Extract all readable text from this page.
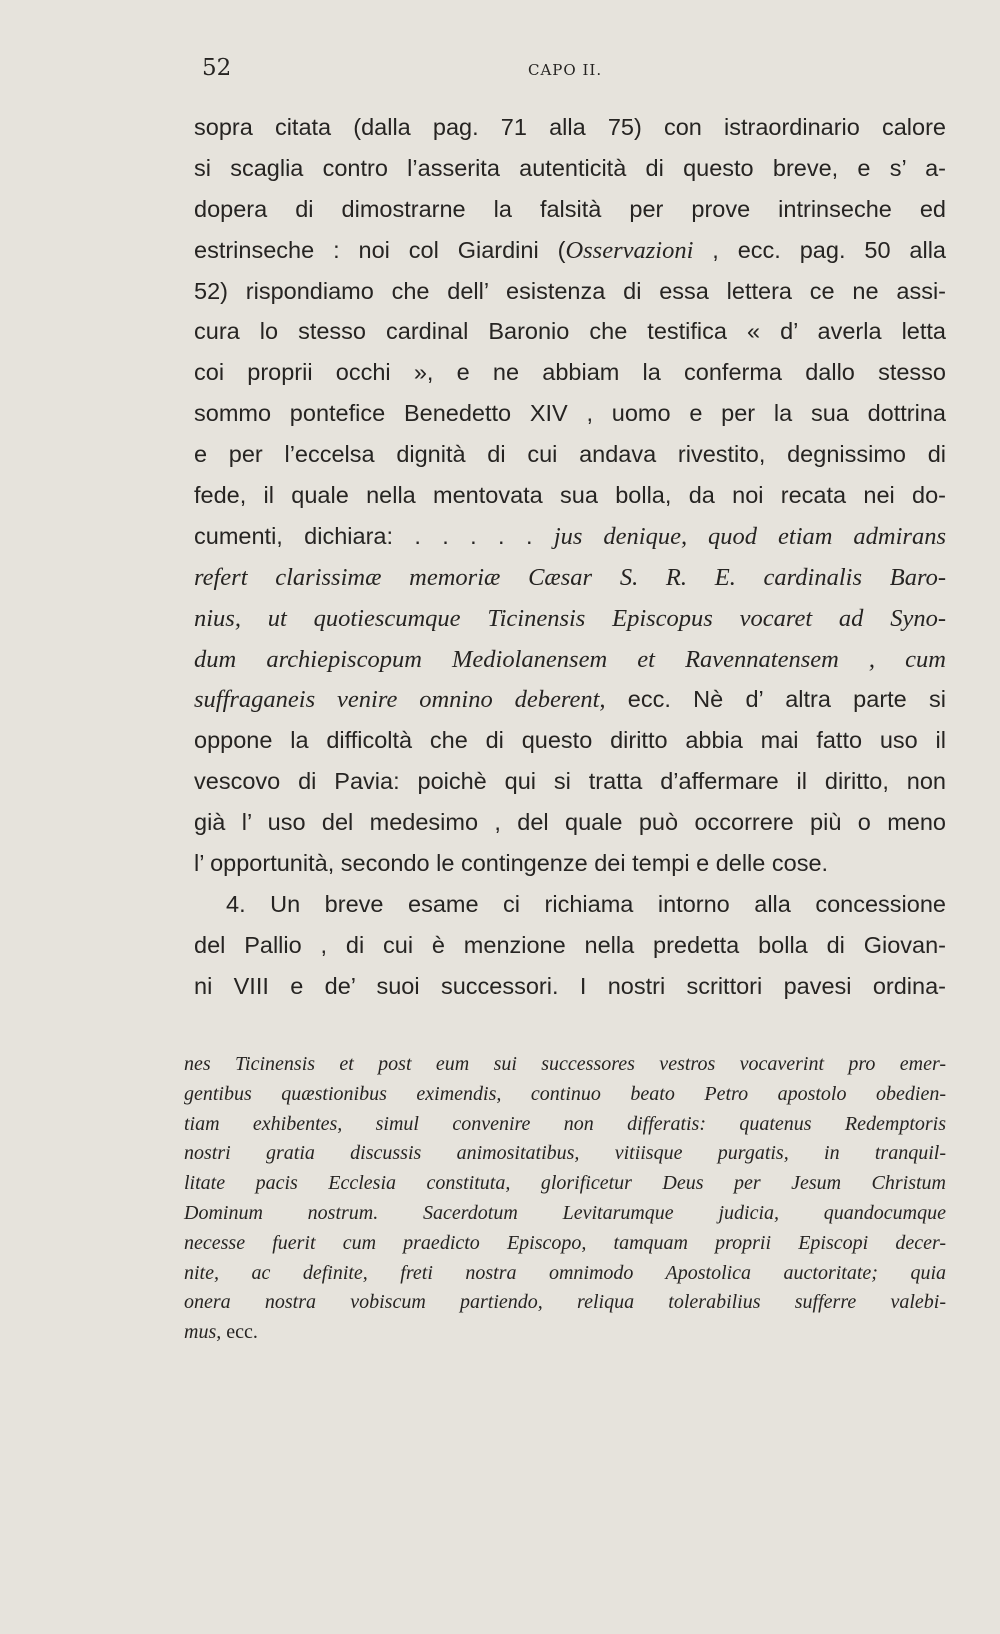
52	CAPO II.
sopra citata (dalla pag. 71 alla 75) con istraordinario calore
si scaglia contro l’asserita autenticità di questo breve, e s’ a-
dopera di dimostrarne la falsità per prove intrinseche ed
estrinseche : noi col Giardini (Osservazioni , ecc. pag. 50 alla
52) rispondiamo che dell’ esistenza di essa lettera ce ne assi-
cura lo stesso cardinal Baronio che testifica « d’ averla letta
coi proprii occhi », e ne abbiam la conferma dallo stesso
sommo pontefice Benedetto XIV , uomo e per la sua dottrina
e per l’eccelsa dignità di cui andava rivestito, degnissimo di
fede, il quale nella mentovata sua bolla, da noi recata nei do-
cumenti, dichiara: . . . . . jus denique, quod etiam admirans
refert clarissimæ memoriæ Cæsar S. R. E. cardinalis Baro-
nius, ut quotiescumque Ticinensis Episcopus vocaret ad Syno-
dum archiepiscopum Mediolanensem et Ravennatensem , cum
suffraganeis venire omnino deberent, ecc. Nè d’ altra parte si
oppone la difficoltà che di questo diritto abbia mai fatto uso il
vescovo di Pavia: poichè qui si tratta d’affermare il diritto, non
già l’ uso del medesimo , del quale può occorrere più o meno
l’ opportunità, secondo le contingenze dei tempi e delle cose.
4. Un breve esame ci richiama intorno alla concessione
del Pallio , di cui è menzione nella predetta bolla di Giovan-
ni VIII e de’ suoi successori. I nostri scrittori pavesi ordina-
nes Ticinensis et post eum sui successores vestros vocaverint pro emer-
gentibus quæstionibus eximendis, continuo beato Petro apostolo obedien-
tiam exhibentes, simul convenire non differatis: quatenus Redemptoris
nostri gratia discussis animositatibus, vitiisque purgatis, in tranquil-
litate pacis Ecclesia constituta, glorificetur Deus per Jesum Christum
Dominum nostrum. Sacerdotum Levitarumque judicia, quandocumque
necesse fuerit cum praedicto Episcopo, tamquam proprii Episcopi decer-
nite, ac definite, freti nostra omnimodo Apostolica auctoritate; quia
onera nostra vobiscum partiendo, reliqua tolerabilius sufferre valebi-
mus, ecc.
